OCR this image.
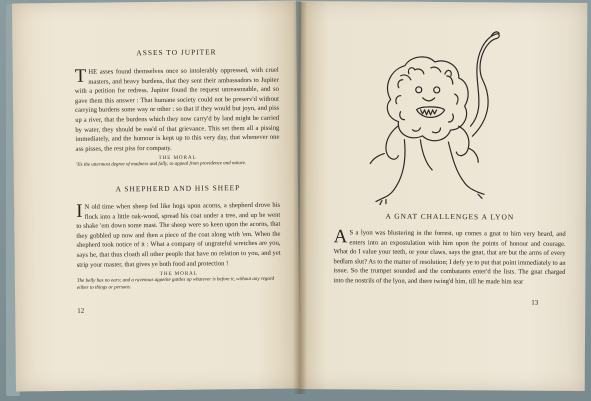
ASSES TO JUPITER

THE asses found themselves once so intolerably oppressed, with cruel masters, and heavy burdens, that they sent their ambassadors to Jupiter with a petition for redress. Jupiter found the request unreasonable, and so gave them this answer : That humane society could not be preserv'd without carrying burdens some way or other : so that if they would but joyn, and piss up a river, that the burdens which they now carry'd by land might be carried by water, they should be eas'd of that grievance. This set them all a pissing immediately, and the humour is kept up to this very day, that whenever one ass pisses, the rest piss for company.

THE MORAL
'Tis the uttermost degree of madness and folly, to appeal from providence and nature.
A SHEPHERD AND HIS SHEEP

I N old time when sheep fed like hogs upon acorns, a shepherd drove his flock into a little oak-wood, spread his coat under a tree, and up he went to shake 'em down some mast. The sheep were so keen upon the acorns, that they gobbled up now and then a piece of the coat along with 'em. When the shepherd took notice of it : What a company of ungrateful wretches are you, says he, that thus cloath all other people that have no relation to you, and yet strip your master, that gives ye both food and protection !

THE MORAL
The belly has no ears; and a ravenous appetite guttles up whatever is before it, without any regard either to things or persons.
12
A GNAT CHALLENGES A LYON

A S a lyon was blustering in the forrest, up comes a gnat to him very heard, and enters into an expostulation with him upon the points of honour and courage. What do I value your teeth, or your claws, says the gnat, that are but the arms of every bedlam slut? As to the matter of resolution; I defy ye to put that point immediately to an issue. So the trumpet sounded and the combatants enter'd the lists. The gnat charged into the nostrils of the lyon, and there twing'd him, till he made him tear

13
